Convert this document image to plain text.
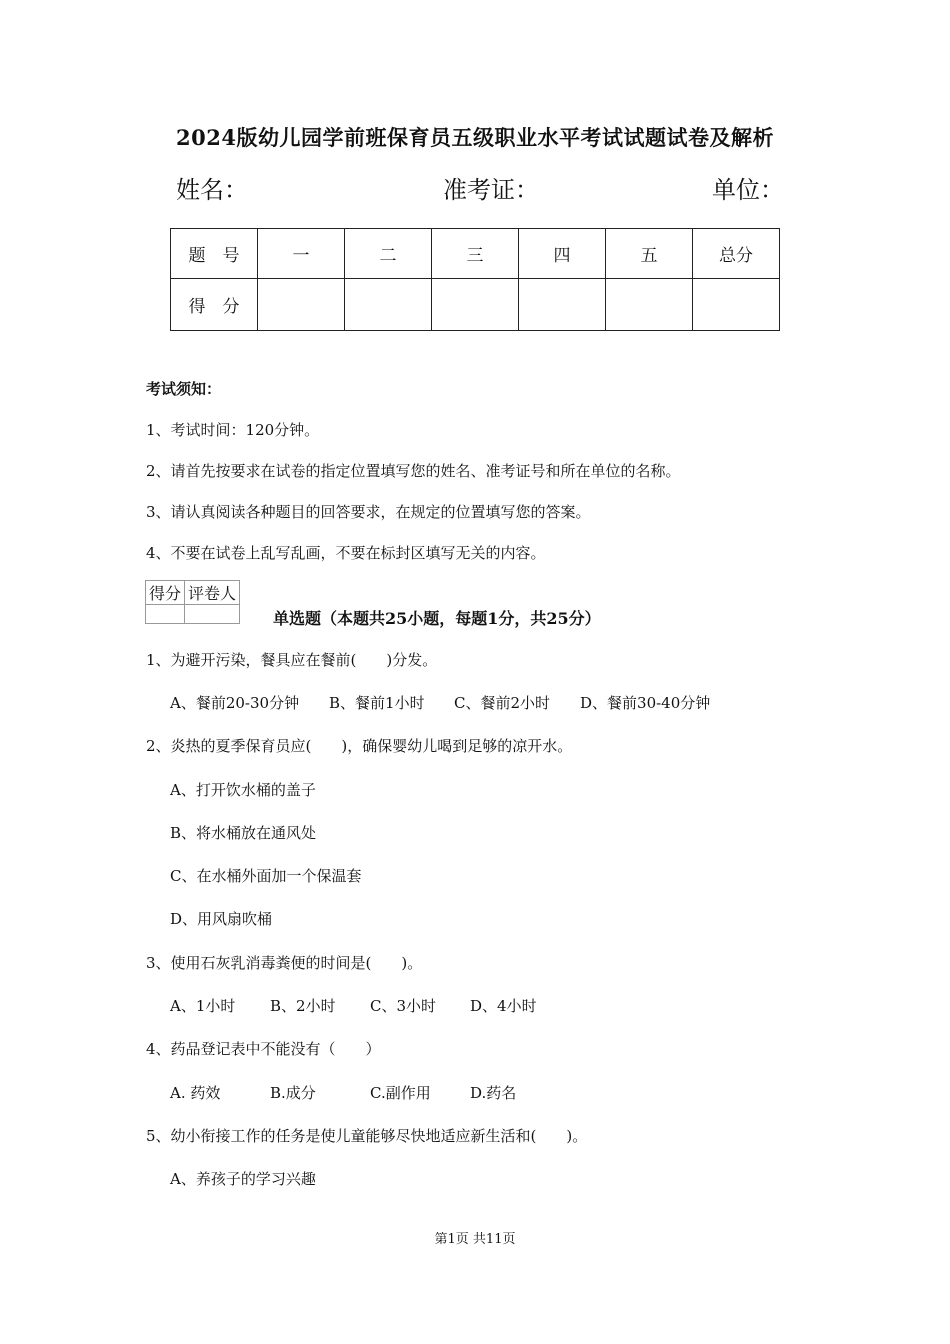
2024版幼儿园学前班保育员五级职业水平考试试题试卷及解析
姓名：	准考证：	单位：
题　号	一	二	三	四	五	总分
得　分						
考试须知：
1、考试时间：120分钟。
2、请首先按要求在试卷的指定位置填写您的姓名、准考证号和所在单位的名称。
3、请认真阅读各种题目的回答要求，在规定的位置填写您的答案。
4、不要在试卷上乱写乱画，不要在标封区填写无关的内容。
得分	评卷人

单选题（本题共25小题，每题1分，共25分）
1、为避开污染，餐具应在餐前(　　)分发。
A、餐前20-30分钟 B、餐前1小时 C、餐前2小时 D、餐前30-40分钟
2、炎热的夏季保育员应(　　)，确保婴幼儿喝到足够的凉开水。
A、打开饮水桶的盖子
B、将水桶放在通风处
C、在水桶外面加一个保温套
D、用风扇吹桶
3、使用石灰乳消毒粪便的时间是(　　)。
A、1小时 B、2小时 C、3小时 D、4小时
4、药品登记表中不能没有（　　）
A. 药效	B.成分	C.副作用	D.药名
5、幼小衔接工作的任务是使儿童能够尽快地适应新生活和(　　)。
A、养孩子的学习兴趣
第1页 共11页
